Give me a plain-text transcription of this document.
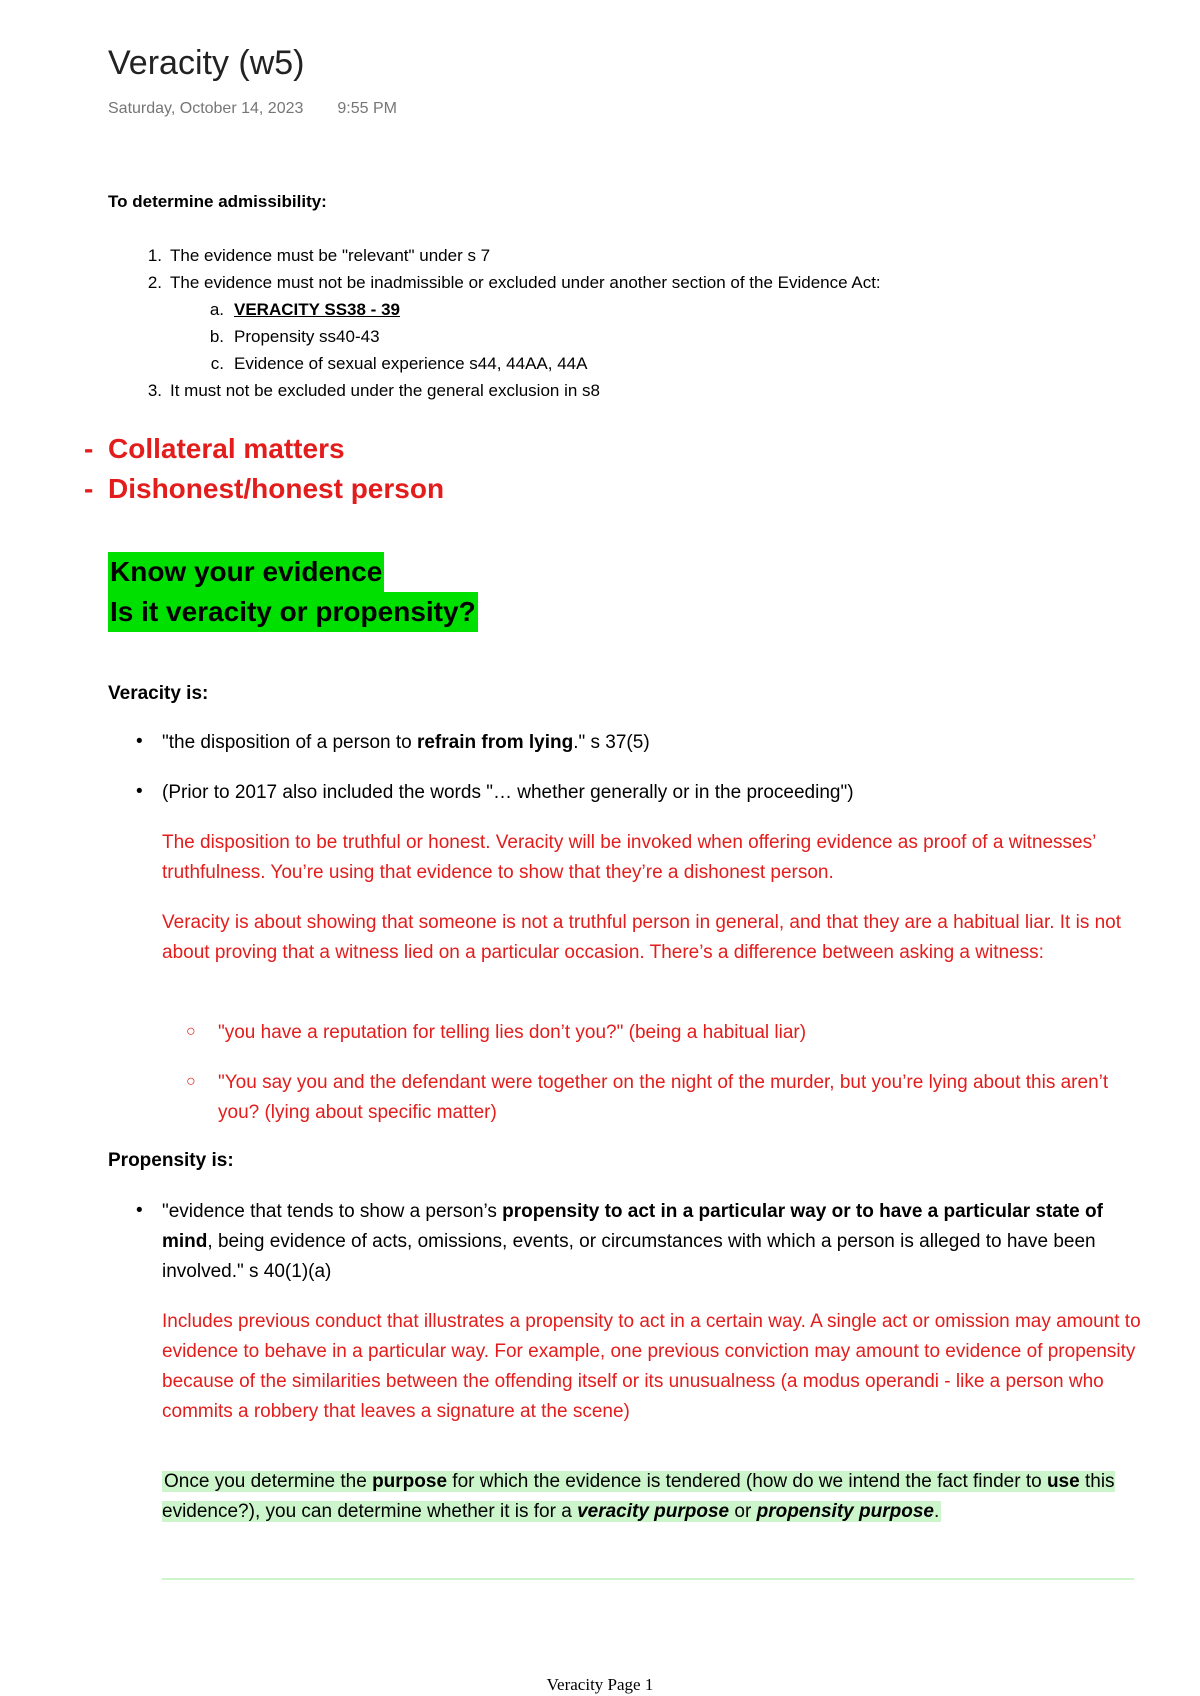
Veracity (w5)
Saturday, October 14, 2023 9:55 PM
To determine admissibility:
1. The evidence must be "relevant" under s 7
2. The evidence must not be inadmissible or excluded under another section of the Evidence Act:
a. VERACITY SS38 - 39
b. Propensity ss40-43
c. Evidence of sexual experience s44, 44AA, 44A
3. It must not be excluded under the general exclusion in s8
- Collateral matters
- Dishonest/honest person
Know your evidence
Is it veracity or propensity?
Veracity is:
• "the disposition of a person to refrain from lying." s 37(5)
• (Prior to 2017 also included the words "… whether generally or in the proceeding")
The disposition to be truthful or honest. Veracity will be invoked when offering evidence as proof of a witnesses’ truthfulness. You’re using that evidence to show that they’re a dishonest person.
Veracity is about showing that someone is not a truthful person in general, and that they are a habitual liar. It is not about proving that a witness lied on a particular occasion. There’s a difference between asking a witness:
○ "you have a reputation for telling lies don’t you?" (being a habitual liar)
○ "You say you and the defendant were together on the night of the murder, but you’re lying about this aren’t you? (lying about specific matter)
Propensity is:
• "evidence that tends to show a person’s propensity to act in a particular way or to have a particular state of mind, being evidence of acts, omissions, events, or circumstances with which a person is alleged to have been involved." s 40(1)(a)
Includes previous conduct that illustrates a propensity to act in a certain way. A single act or omission may amount to evidence to behave in a particular way. For example, one previous conviction may amount to evidence of propensity because of the similarities between the offending itself or its unusualness (a modus operandi - like a person who commits a robbery that leaves a signature at the scene)
Once you determine the purpose for which the evidence is tendered (how do we intend the fact finder to use this evidence?), you can determine whether it is for a veracity purpose or propensity purpose.
Veracity Page 1
